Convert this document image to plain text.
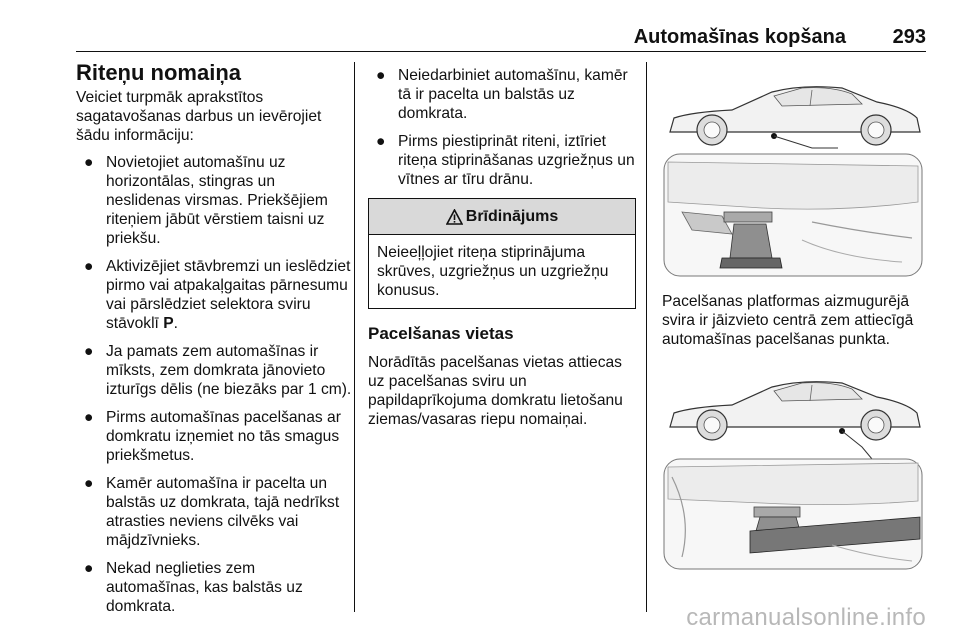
Automašīnas kopšana 293
Riteņu nomaiņa

Veiciet turpmāk aprakstītos sagatavošanas darbus un ievērojiet šādu informāciju:

● Novietojiet automašīnu uz horizontālas, stingras un neslidenas virsmas. Priekšējiem riteņiem jābūt vērstiem taisni uz priekšu.
● Aktivizējiet stāvbremzi un ieslēdziet pirmo vai atpakaļgaitas pārnesumu vai pārslēdziet selektora sviru stāvoklī P.
● Ja pamats zem automašīnas ir mīksts, zem domkrata jānovieto izturīgs dēlis (ne biezāks par 1 cm).
● Pirms automašīnas pacelšanas ar domkratu izņemiet no tās smagus priekšmetus.
● Kamēr automašīna ir pacelta un balstās uz domkrata, tajā nedrīkst atrasties neviens cilvēks vai mājdzīvnieks.
● Nekad neglieties zem automašīnas, kas balstās uz domkrata.
● Neiedarbiniet automašīnu, kamēr tā ir pacelta un balstās uz domkrata.
● Pirms piestiprināt riteni, iztīriet riteņa stiprināšanas uzgriežņus un vītnes ar tīru drānu.
Brīdinājums
Neieeļļojiet riteņa stiprinājuma skrūves, uzgriežņus un uzgriežņu konusus.
Pacelšanas vietas

Norādītās pacelšanas vietas attiecas uz pacelšanas sviru un papildaprīkojuma domkratu lietošanu ziemas/vasaras riepu nomaiņai.

Pacelšanas platformas aizmugurējā svira ir jāizvieto centrā zem attiecīgā automašīnas pacelšanas punkta.

carmanualsonline.info
